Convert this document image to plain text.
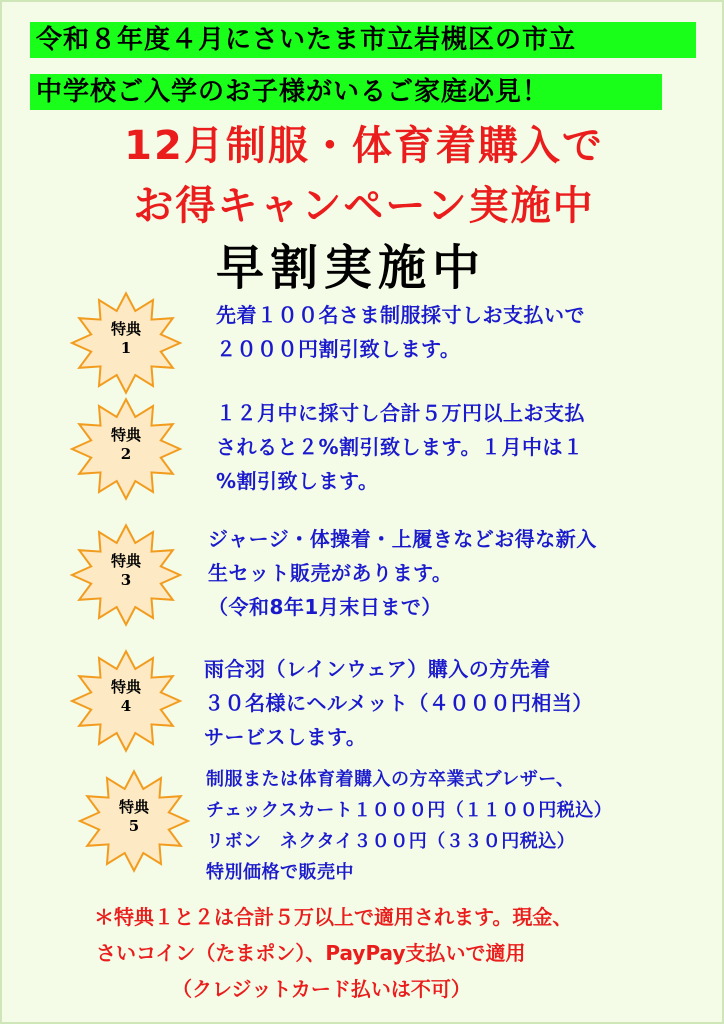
令和８年度４月にさいたま市立岩槻区の市立
中学校ご入学のお子様がいるご家庭必見！
12月制服・体育着購入で
お得キャンペーン実施中
早割実施中
特典
1
先着１００名さま制服採寸しお支払いで
２０００円割引致します。
特典
2
１２月中に採寸し合計５万円以上お支払
されると２%割引致します。１月中は１
%割引致します。
特典
3
ジャージ・体操着・上履きなどお得な新入
生セット販売があります。
（令和8年1月末日まで）
特典
4
雨合羽（レインウェア）購入の方先着
３０名様にヘルメット（４０００円相当）
サービスします。
特典
5
制服または体育着購入の方卒業式ブレザー、
チェックスカート１０００円（１１００円税込）
リボン　ネクタイ３００円（３３０円税込）
特別価格で販売中
＊特典１と２は合計５万以上で適用されます。現金、
さいコイン（たまポン）、PayPay支払いで適用
（クレジットカード払いは不可）
